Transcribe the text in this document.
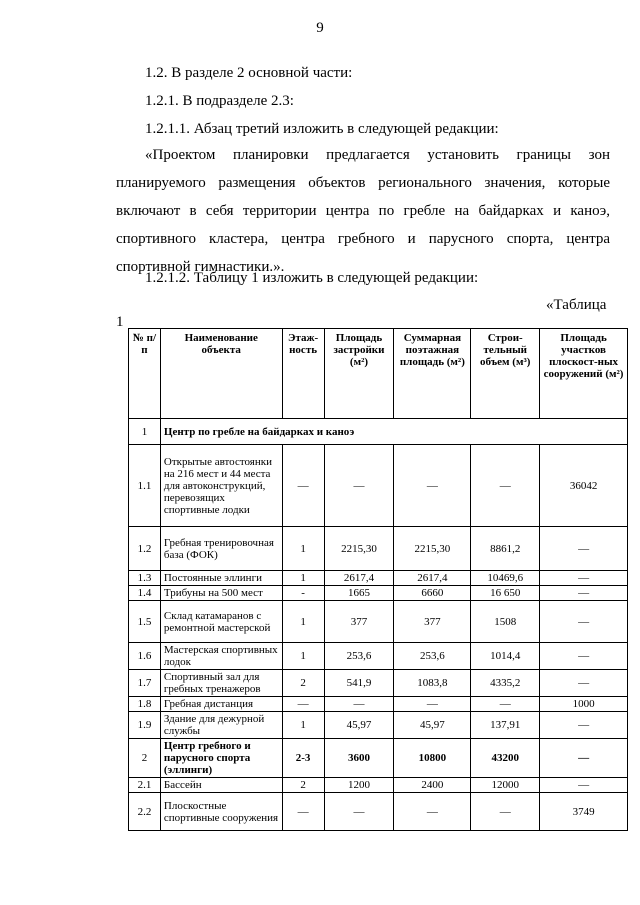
9
1.2. В разделе 2 основной части:
1.2.1. В подразделе 2.3:
1.2.1.1. Абзац третий изложить в следующей редакции:
«Проектом планировки предлагается установить границы зон
планируемого размещения объектов регионального значения, которые
включают в себя территории центра по гребле на байдарках и каноэ,
спортивного кластера, центра гребного и парусного спорта, центра
спортивной гимнастики.».
1.2.1.2. Таблицу 1 изложить в следующей редакции:
«Таблица
1
№ п/п	Наименование объекта	Этаж-ность	Площадь застройки (м²)	Суммарная поэтажная площадь (м²)	Строи-тельный объем (м³)	Площадь участков плоскост-ных сооружений (м²)
1	Центр по гребле на байдарках и каноэ					
1.1	Открытые автостоянки на 216 мест и 44 места для автоконструкций, перевозящих спортивные лодки	—	—	—	—	36042
1.2	Гребная тренировочная база (ФОК)	1	2215,30	2215,30	8861,2	—
1.3	Постоянные эллинги	1	2617,4	2617,4	10469,6	—
1.4	Трибуны на 500 мест	-	1665	6660	16 650	—
1.5	Склад катамаранов с ремонтной мастерской	1	377	377	1508	—
1.6	Мастерская спортивных лодок	1	253,6	253,6	1014,4	—
1.7	Спортивный зал для гребных тренажеров	2	541,9	1083,8	4335,2	—
1.8	Гребная дистанция	—	—	—	—	1000
1.9	Здание для дежурной службы	1	45,97	45,97	137,91	—
2	Центр гребного и парусного спорта (эллинги)	2-3	3600	10800	43200	—
2.1	Бассейн	2	1200	2400	12000	—
2.2	Плоскостные спортивные сооружения	—	—	—	—	3749
